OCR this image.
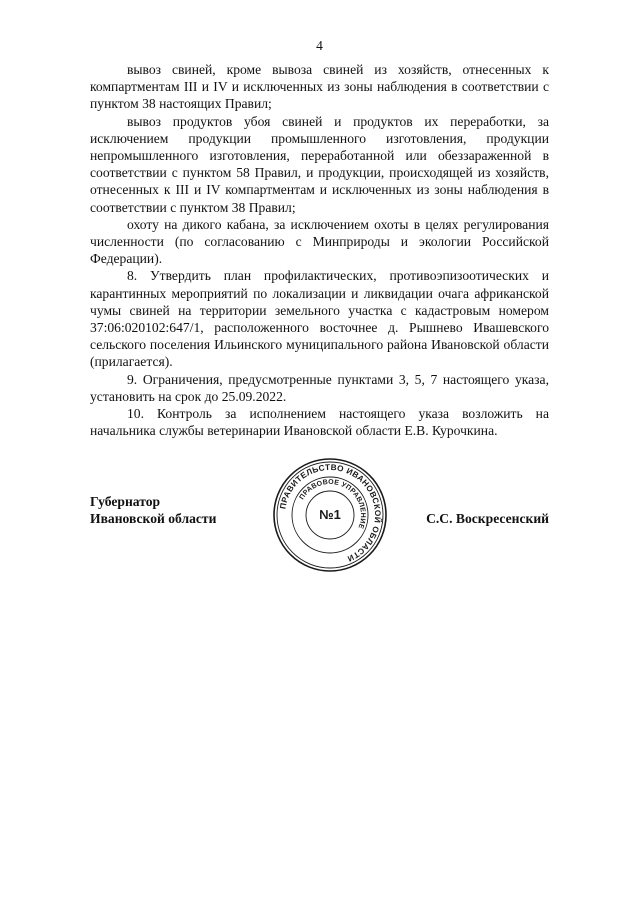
4

вывоз свиней, кроме вывоза свиней из хозяйств, отнесенных к компартментам III и IV и исключенных из зоны наблюдения в соответствии с пунктом 38 настоящих Правил;

вывоз продуктов убоя свиней и продуктов их переработки, за исключением продукции промышленного изготовления, продукции непромышленного изготовления, переработанной или обеззараженной в соответствии с пунктом 58 Правил, и продукции, происходящей из хозяйств, отнесенных к III и IV компартментам и исключенных из зоны наблюдения в соответствии с пунктом 38 Правил;

охоту на дикого кабана, за исключением охоты в целях регулирования численности (по согласованию с Минприроды и экологии Российской Федерации).

8. Утвердить план профилактических, противоэпизоотических и карантинных мероприятий по локализации и ликвидации очага африканской чумы свиней на территории земельного участка с кадастровым номером 37:06:020102:647/1, расположенного восточнее д. Рышнево Ивашевского сельского поселения Ильинского муниципального района Ивановской области (прилагается).

9. Ограничения, предусмотренные пунктами 3, 5, 7 настоящего указа, установить на срок до 25.09.2022.

10. Контроль за исполнением настоящего указа возложить на начальника службы ветеринарии Ивановской области Е.В. Курочкина.

Губернатор
Ивановской области	С.С. Воскресенский
ПРАВИТЕЛЬСТВО ИВАНОВСКОЙ ОБЛАСТИ
ПРАВОВОЕ УПРАВЛЕНИЕ
№1
